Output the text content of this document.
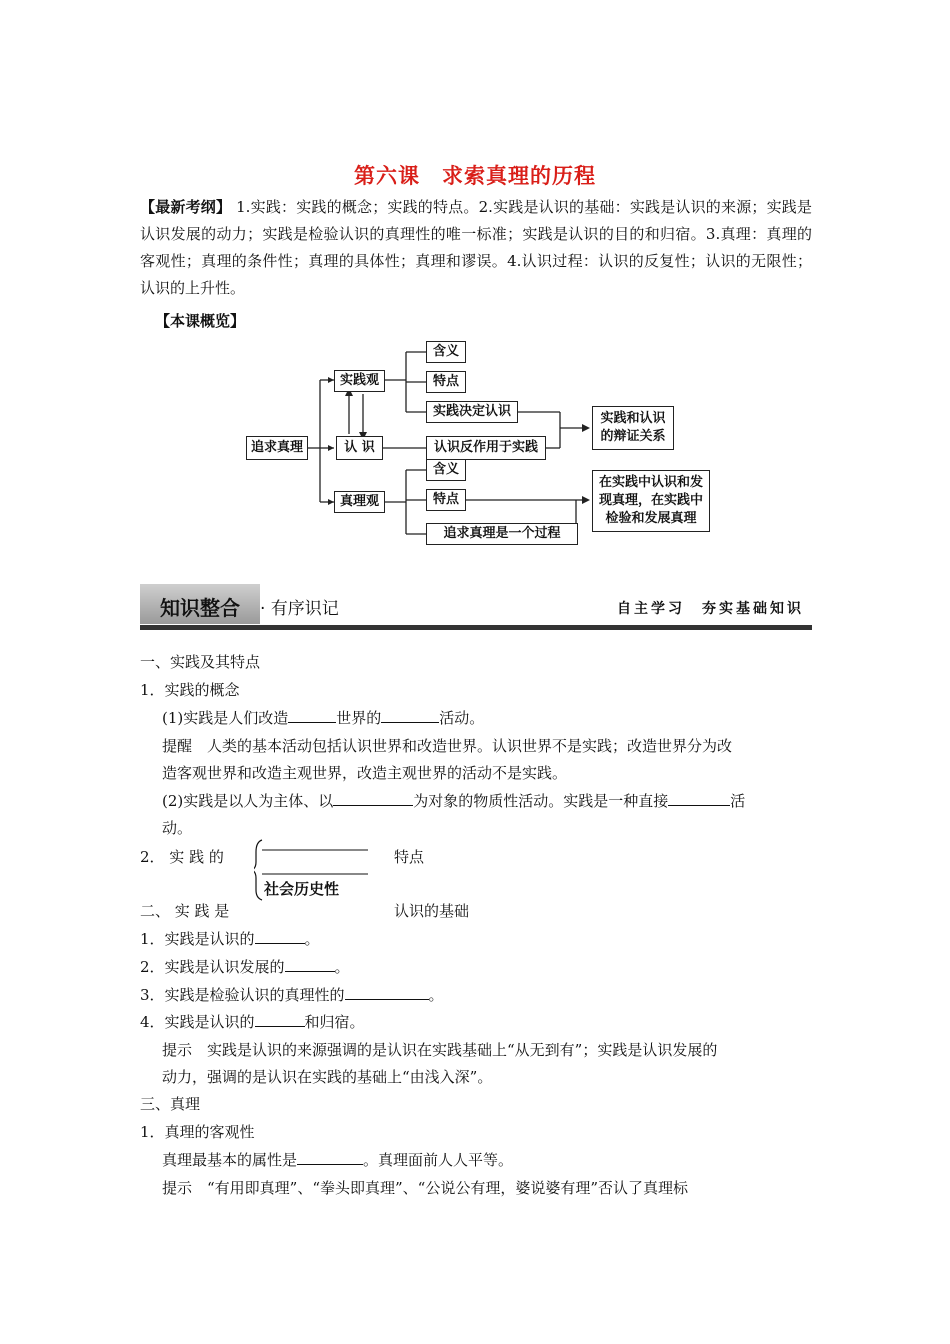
第六课　求索真理的历程
【最新考纲】 1.实践：实践的概念；实践的特点。2.实践是认识的基础：实践是认识的来源；实践是认识发展的动力；实践是检验认识的真理性的唯一标准；实践是认识的目的和归宿。3.真理：真理的客观性；真理的条件性；真理的具体性；真理和谬误。4.认识过程：认识的反复性；认识的无限性；认识的上升性。
【本课概览】
追求真理
实践观
认 识
真理观
含义
特点
实践决定认识
认识反作用于实践
含义
特点
追求真理是一个过程
实践和认识的辩证关系
在实践中认识和发现真理，在实践中检验和发展真理
知识整合 · 有序识记	自主学习　夯实基础知识
一、实践及其特点
1．实践的概念
(1)实践是人们改造	世界的	活动。
提醒　人类的基本活动包括认识世界和改造世界。认识世界不是实践；改造世界分为改
造客观世界和改造主观世界，改造主观世界的活动不是实践。
(2)实践是以人为主体、以	为对象的物质性活动。实践是一种直接	活
动。
2． 实 践 的
社会历史性
特点
二、 实 践 是	认识的基础
1．实践是认识的	。
2．实践是认识发展的	。
3．实践是检验认识的真理性的	。
4．实践是认识的	和归宿。
提示　实践是认识的来源强调的是认识在实践基础上“从无到有”；实践是认识发展的
动力，强调的是认识在实践的基础上“由浅入深”。
三、真理
1．真理的客观性
真理最基本的属性是	。真理面前人人平等。
提示　“有用即真理”、“拳头即真理”、“公说公有理，婆说婆有理”否认了真理标
